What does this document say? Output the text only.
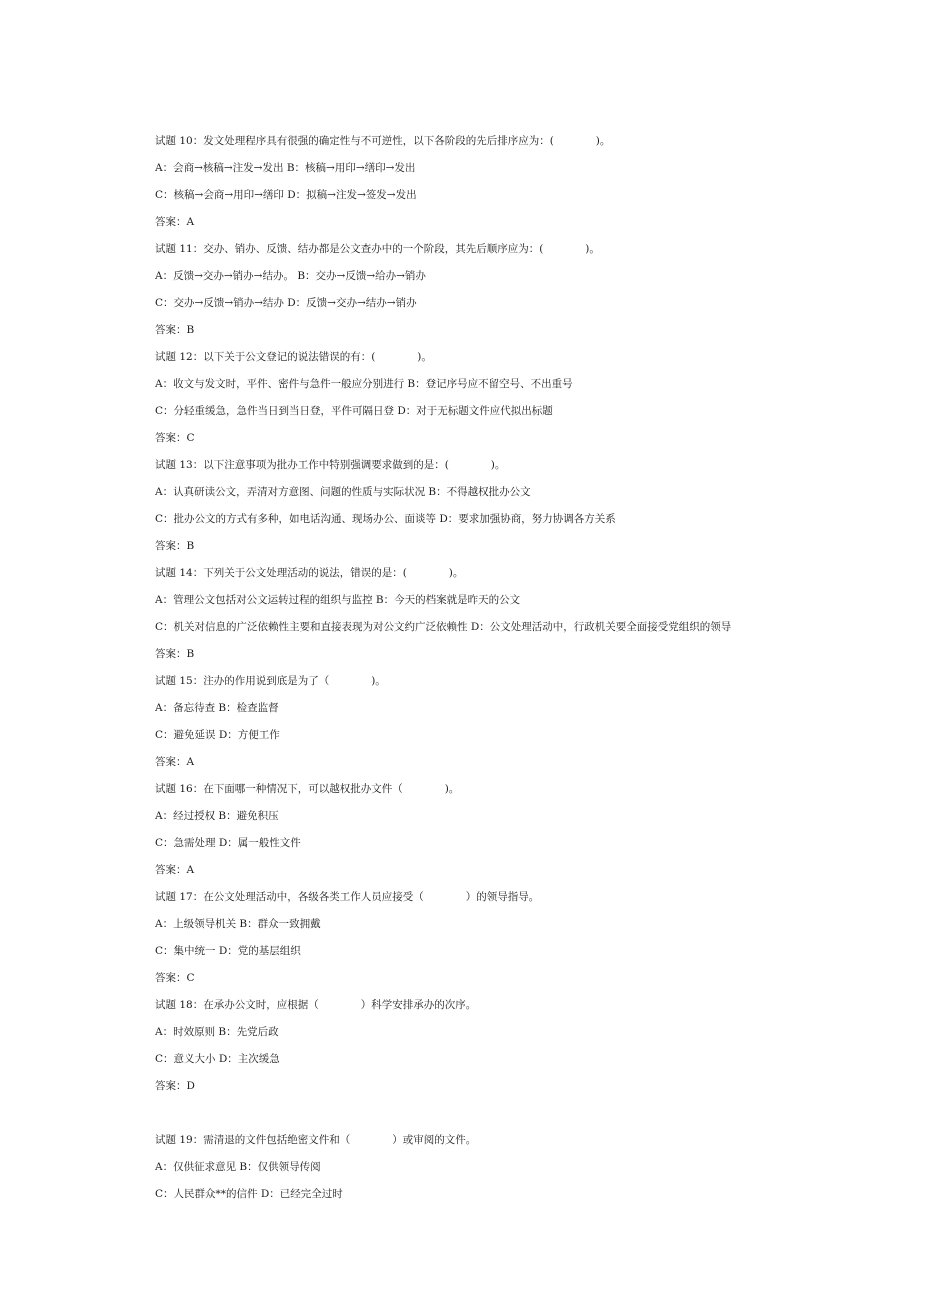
试题 10：发文处理程序具有很强的确定性与不可逆性，以下各阶段的先后排序应为：(　　　　)。
A：会商→核稿→注发→发出 B：核稿→用印→缮印→发出
C：核稿→会商→用印→缮印 D：拟稿→注发→签发→发出
答案：A
试题 11：交办、销办、反馈、结办都是公文查办中的一个阶段，其先后顺序应为：(　　　　)。
A：反馈→交办→销办→结办。 B：交办→反馈→给办→销办
C：交办→反馈→销办→结办 D：反馈→交办→结办→销办
答案：B
试题 12：以下关于公文登记的说法错误的有：(　　　　)。
A：收文与发文时，平件、密件与急件一般应分别进行 B：登记序号应不留空号、不出重号
C：分轻重缓急，急件当日到当日登，平件可隔日登 D：对于无标题文件应代拟出标题
答案：C
试题 13：以下注意事项为批办工作中特别强调要求做到的是：(　　　　)。
A：认真研读公文，弄清对方意图、问题的性质与实际状况 B：不得越权批办公文
C：批办公文的方式有多种，如电话沟通、现场办公、面谈等 D：要求加强协商，努力协调各方关系
答案：B
试题 14：下列关于公文处理活动的说法，错误的是：(　　　　)。
A：管理公文包括对公文运转过程的组织与监控 B：今天的档案就是昨天的公文
C：机关对信息的广泛依赖性主要和直接表现为对公文约广泛依赖性 D：公文处理活动中，行政机关要全面接受党组织的领导
答案：B
试题 15：注办的作用说到底是为了（　　　　)。
A：备忘待查 B：检查监督
C：避免延误 D：方便工作
答案：A
试题 16：在下面哪一种情况下，可以越权批办文件（　　　　)。
A：经过授权 B：避免积压
C：急需处理 D：属一般性文件
答案：A
试题 17：在公文处理活动中，各级各类工作人员应接受（　　　　）的领导指导。
A：上级领导机关 B：群众一致拥戴
C：集中统一 D：党的基层组织
答案：C
试题 18：在承办公文时，应根据（　　　　）科学安排承办的次序。
A：时效原则 B：先党后政
C：意义大小 D：主次缓急
答案：D
试题 19：需清退的文件包括绝密文件和（　　　　）或审阅的文件。
A：仅供征求意见 B：仅供领导传阅
C：人民群众**的信件 D：已经完全过时
